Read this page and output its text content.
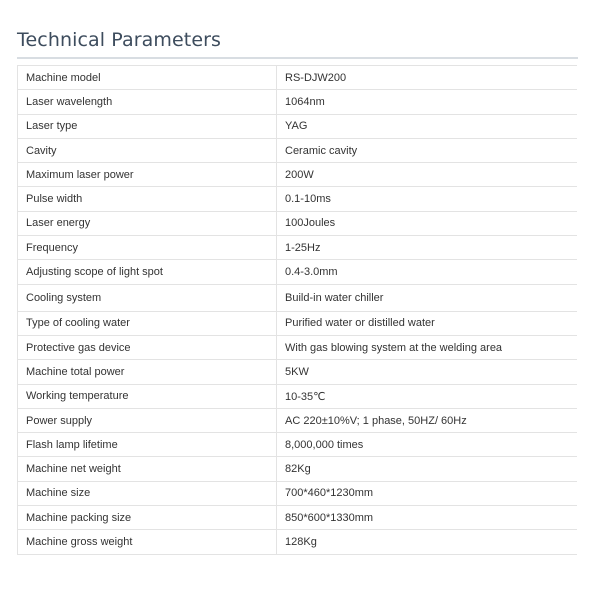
Technical Parameters
Machine model	RS-DJW200
Laser wavelength	1064nm
Laser type	YAG
Cavity	Ceramic cavity
Maximum laser power	200W
Pulse width	0.1-10ms
Laser energy	100Joules
Frequency	1-25Hz
Adjusting scope of light spot	0.4-3.0mm
Cooling system	Build-in water chiller
Type of cooling water	Purified water or distilled water
Protective gas device	With gas blowing system at the welding area
Machine total power	5KW
Working temperature	10-35℃
Power supply	AC 220±10%V; 1 phase, 50HZ/ 60Hz
Flash lamp lifetime	8,000,000 times
Machine net weight	82Kg
Machine size	700*460*1230mm
Machine packing size	850*600*1330mm
Machine gross weight	128Kg
